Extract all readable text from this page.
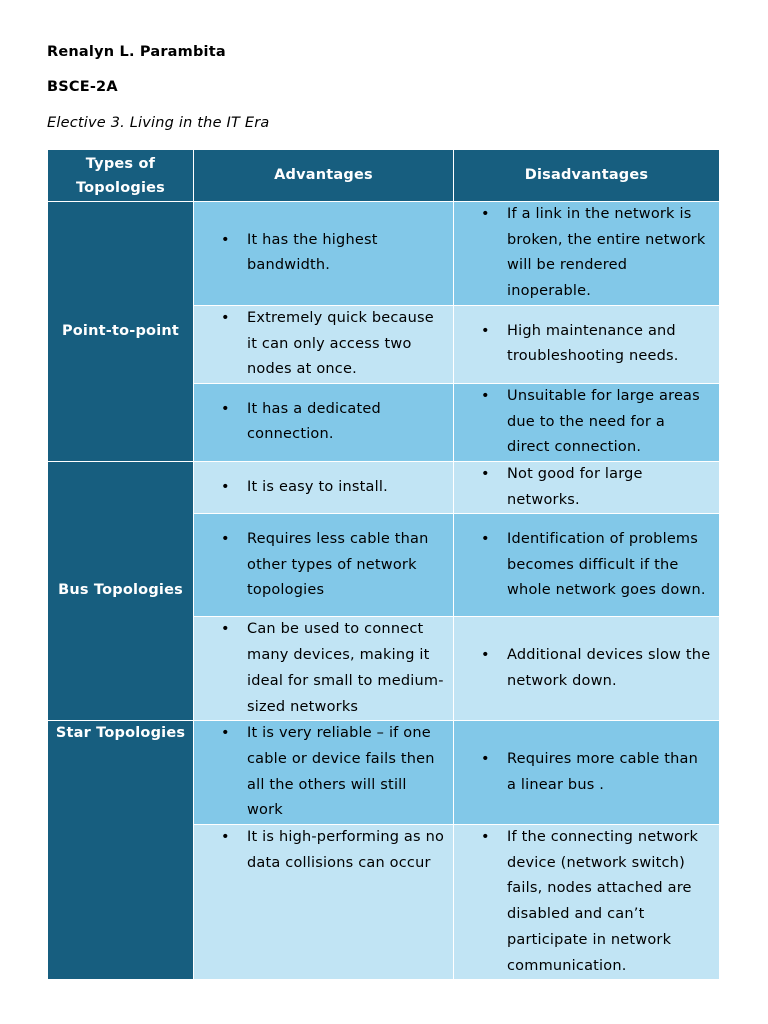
Renalyn L. Parambita
BSCE-2A
Elective 3. Living in the IT Era
Types of Topologies	Advantages	Disadvantages
Point-to-point	• It has the highest bandwidth.	• If a link in the network is broken, the entire network will be rendered inoperable.

	• Extremely quick because it can only access two nodes at once.	• High maintenance and troubleshooting needs.

	• It has a dedicated connection.	• Unsuitable for large areas due to the need for a direct connection.

Bus Topologies	• It is easy to install.	• Not good for large networks.

	• Requires less cable than other types of network topologies	• Identification of problems becomes difficult if the whole network goes down.

	• Can be used to connect many devices, making it ideal for small to medium-sized networks	• Additional devices slow the network down.

Star Topologies	• It is very reliable – if one cable or device fails then all the others will still work	• Requires more cable than a linear bus .

	• It is high-performing as no data collisions can occur	• If the connecting network device (network switch) fails, nodes attached are disabled and can’t participate in network communication.
